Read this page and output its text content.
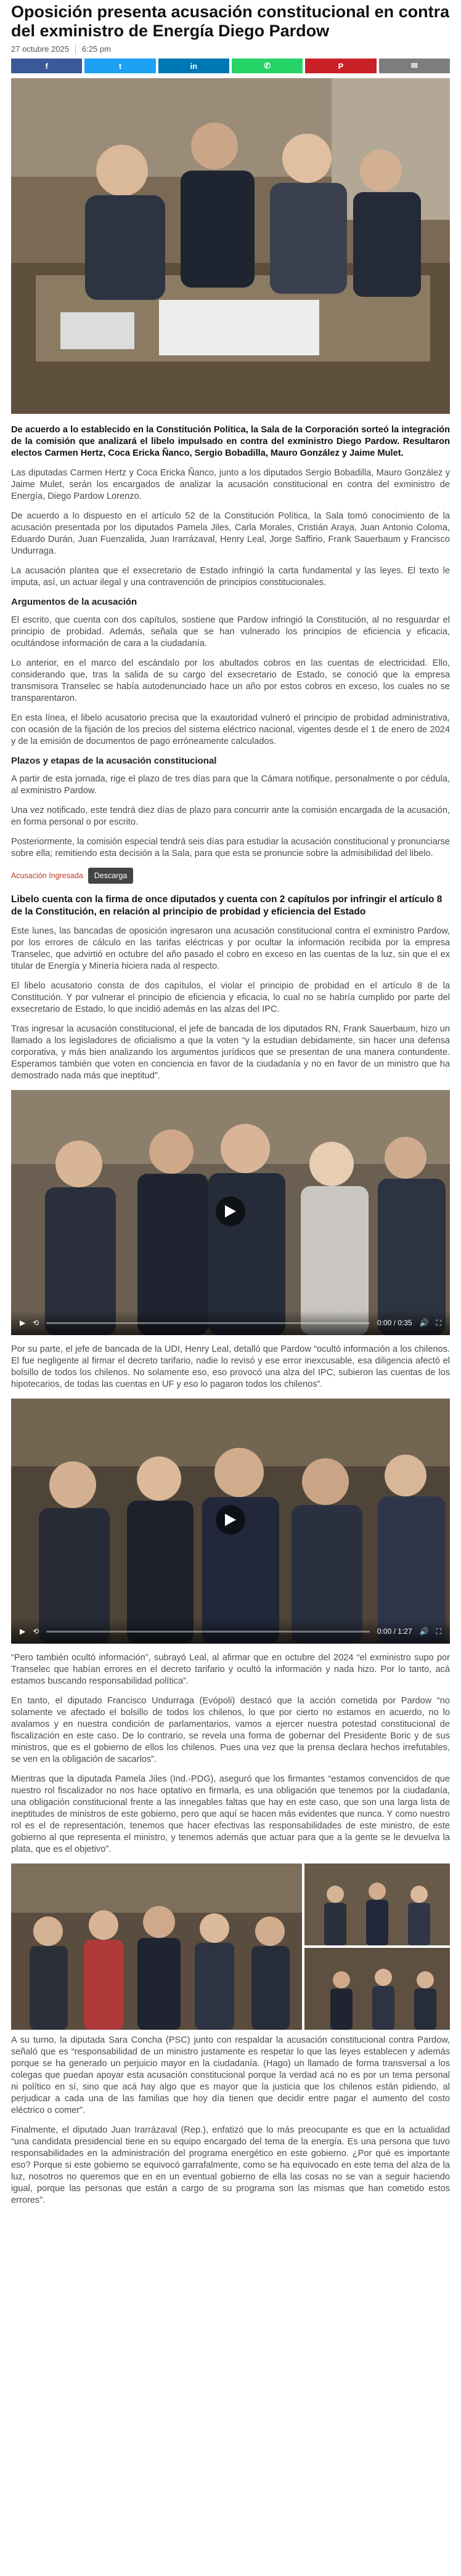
Oposición presenta acusación constitucional en contra del exministro de Energía Diego Pardow
27 octubre 2025	6:25 pm
f	t	in	✆	P	✉

De acuerdo a lo establecido en la Constitución Política, la Sala de la Corporación sorteó la integración de la comisión que analizará el libelo impulsado en contra del exministro Diego Pardow. Resultaron electos Carmen Hertz, Coca Ericka Ñanco, Sergio Bobadilla, Mauro González y Jaime Mulet.

Las diputadas Carmen Hertz y Coca Ericka Ñanco, junto a los diputados Sergio Bobadilla, Mauro González y Jaime Mulet, serán los encargados de analizar la acusación constitucional en contra del exministro de Energía, Diego Pardow Lorenzo.

De acuerdo a lo dispuesto en el artículo 52 de la Constitución Política, la Sala tomó conocimiento de la acusación presentada por los diputados Pamela Jiles, Carla Morales, Cristián Araya, Juan Antonio Coloma, Eduardo Durán, Juan Fuenzalida, Juan Irarrázaval, Henry Leal, Jorge Saffirio, Frank Sauerbaum y Francisco Undurraga.

La acusación plantea que el exsecretario de Estado infringió la carta fundamental y las leyes. El texto le imputa, así, un actuar ilegal y una contravención de principios constitucionales.

Argumentos de la acusación

El escrito, que cuenta con dos capítulos, sostiene que Pardow infringió la Constitución, al no resguardar el principio de probidad. Además, señala que se han vulnerado los principios de eficiencia y eficacia, ocultándose información de cara a la ciudadanía.

Lo anterior, en el marco del escándalo por los abultados cobros en las cuentas de electricidad. Ello, considerando que, tras la salida de su cargo del exsecretario de Estado, se conoció que la empresa transmisora Transelec se había autodenunciado hace un año por estos cobros en exceso, los cuales no se transparentaron.

En esta línea, el libelo acusatorio precisa que la exautoridad vulneró el principio de probidad administrativa, con ocasión de la fijación de los precios del sistema eléctrico nacional, vigentes desde el 1 de enero de 2024 y de la emisión de documentos de pago erróneamente calculados.

Plazos y etapas de la acusación constitucional

A partir de esta jornada, rige el plazo de tres días para que la Cámara notifique, personalmente o por cédula, al exministro Pardow.

Una vez notificado, este tendrá diez días de plazo para concurrir ante la comisión encargada de la acusación, en forma personal o por escrito.

Posteriormente, la comisión especial tendrá seis días para estudiar la acusación constitucional y pronunciarse sobre ella; remitiendo esta decisión a la Sala, para que esta se pronuncie sobre la admisibilidad del libelo.

Acusación Ingresada	Descarga
Libelo cuenta con la firma de once diputados y cuenta con 2 capítulos por infringir el artículo 8 de la Constitución, en relación al principio de probidad y eficiencia del Estado

Este lunes, las bancadas de oposición ingresaron una acusación constitucional contra el exministro Pardow, por los errores de cálculo en las tarifas eléctricas y por ocultar la información recibida por la empresa Transelec, que advirtió en octubre del año pasado el cobro en exceso en las cuentas de la luz, sin que el ex titular de Energía y Minería hiciera nada al respecto.

El libelo acusatorio consta de dos capítulos, el violar el principio de probidad en el artículo 8 de la Constitución. Y por vulnerar el principio de eficiencia y eficacia, lo cual no se habría cumplido por parte del exsecretario de Estado, lo que incidió además en las alzas del IPC.

Tras ingresar la acusación constitucional, el jefe de bancada de los diputados RN, Frank Sauerbaum, hizo un llamado a los legisladores de oficialismo a que la voten “y la estudian debidamente, sin hacer una defensa corporativa, y más bien analizando los argumentos jurídicos que se presentan de una manera contundente. Esperamos también que voten en conciencia en favor de la ciudadanía y no en favor de un ministro que ha demostrado nada más que ineptitud”.

▶ ⟲	0:00 / 0:35 🔊 ⛶

Por su parte, el jefe de bancada de la UDI, Henry Leal, detalló que Pardow “ocultó información a los chilenos. El fue negligente al firmar el decreto tarifario, nadie lo revisó y ese error inexcusable, esa diligencia afectó el bolsillo de todos los chilenos. No solamente eso, eso provocó una alza del IPC, subieron las cuentas de los hipotecarios, de todas las cuentas en UF y eso lo pagaron todos los chilenos”.

▶ ⟲	0:00 / 1:27 🔊 ⛶

“Pero también ocultó información”, subrayó Leal, al afirmar que en octubre del 2024 “el exministro supo por Transelec que habían errores en el decreto tarifario y ocultó la información y nada hizo. Por lo tanto, acá estamos buscando responsabilidad política”.

En tanto, el diputado Francisco Undurraga (Evópoli) destacó que la acción cometida por Pardow “no solamente ve afectado el bolsillo de todos los chilenos, lo que por cierto no estamos en acuerdo, no lo avalamos y en nuestra condición de parlamentarios, vamos a ejercer nuestra potestad constitucional de fiscalización en este caso. De lo contrario, se revela una forma de gobernar del Presidente Boric y de sus ministros, que es el gobierno de ellos los chilenos. Pues una vez que la prensa declara hechos irrefutables, se ven en la obligación de sacarlos”.

Mientras que la diputada Pamela Jiles (Ind.-PDG), aseguró que los firmantes “estamos convencidos de que nuestro rol fiscalizador no nos hace optativo en firmarla, es una obligación que tenemos por la ciudadanía, una obligación constitucional frente a las innegables faltas que hay en este caso, que son una larga lista de ineptitudes de ministros de este gobierno, pero que aquí se hacen más evidentes que nunca. Y como nuestro rol es el de representación, tenemos que hacer efectivas las responsabilidades de este ministro, de este gobierno al que representa el ministro, y tenemos además que actuar para que a la gente se le devuelva la plata, que es el objetivo”.

A su turno, la diputada Sara Concha (PSC) junto con respaldar la acusación constitucional contra Pardow, señaló que es “responsabilidad de un ministro justamente es respetar lo que las leyes establecen y además porque se ha generado un perjuicio mayor en la ciudadanía. (Hago) un llamado de forma transversal a los colegas que puedan apoyar esta acusación constitucional porque la verdad acá no es por un tema personal ni político en sí, sino que acá hay algo que es mayor que la justicia que los chilenos están pidiendo, al perjudicar a cada una de las familias que hoy día tienen que decidir entre pagar el aumento del costo eléctrico o comer”.

Finalmente, el diputado Juan Irarrázaval (Rep.), enfatizó que lo más preocupante es que en la actualidad “una candidata presidencial tiene en su equipo encargado del tema de la energía. Es una persona que tuvo responsabilidades en la administración del programa energético en este gobierno. ¿Por qué es importante eso? Porque si este gobierno se equivocó garrafalmente, como se ha equivocado en este tema del alza de la luz, nosotros no queremos que en en un eventual gobierno de ella las cosas no se van a seguir haciendo igual, porque las personas que están a cargo de su programa son las mismas que han cometido estos errores”.
